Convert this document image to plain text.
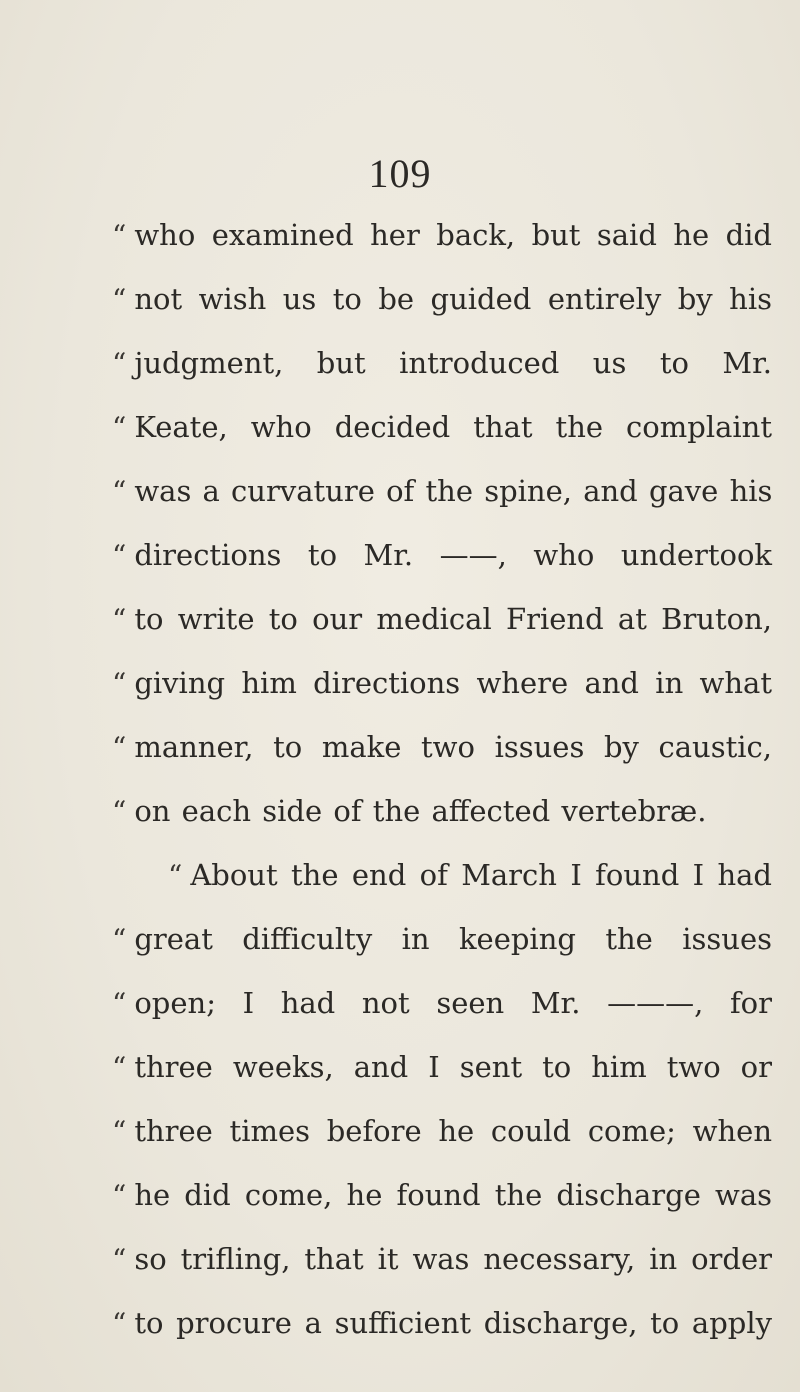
109
“ who examined her back, but said he did
“ not wish us to be guided entirely by his
“ judgment, but introduced us to Mr.
“ Keate, who decided that the complaint
“ was a curvature of the spine, and gave his
“ directions to Mr. ——, who undertook
“ to write to our medical Friend at Bruton,
“ giving him directions where and in what
“ manner, to make two issues by caustic,
“ on each side of the affected vertebræ.
“ About the end of March I found I had
“ great difficulty in keeping the issues
“ open; I had not seen Mr. ———, for
“ three weeks, and I sent to him two or
“ three times before he could come; when
“ he did come, he found the discharge was
“ so trifling, that it was necessary, in order
“ to procure a sufficient discharge, to apply
